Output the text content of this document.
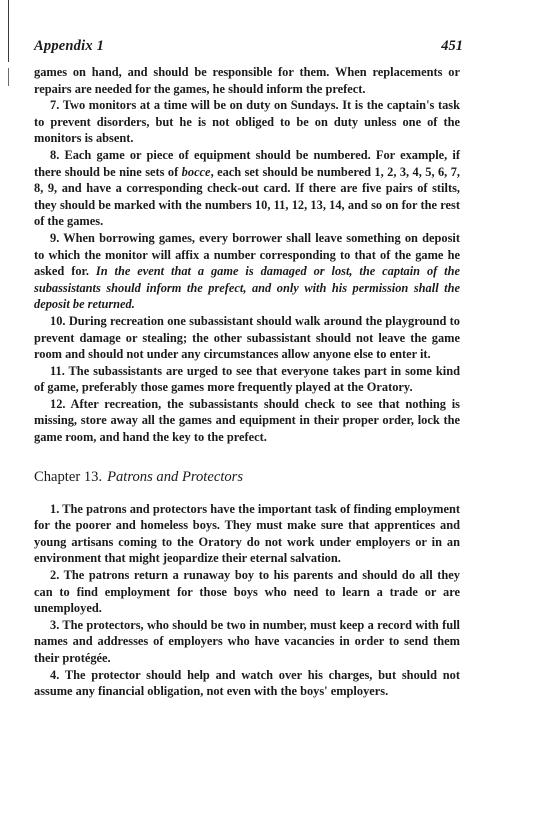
Appendix 1	451

games on hand, and should be responsible for them. When replacements or repairs are needed for the games, he should inform the prefect.

7. Two monitors at a time will be on duty on Sundays. It is the captain's task to prevent disorders, but he is not obliged to be on duty unless one of the monitors is absent.

8. Each game or piece of equipment should be numbered. For example, if there should be nine sets of bocce, each set should be numbered 1, 2, 3, 4, 5, 6, 7, 8, 9, and have a corresponding check-out card. If there are five pairs of stilts, they should be marked with the numbers 10, 11, 12, 13, 14, and so on for the rest of the games.

9. When borrowing games, every borrower shall leave something on deposit to which the monitor will affix a number corresponding to that of the game he asked for. In the event that a game is damaged or lost, the captain of the subassistants should inform the prefect, and only with his permission shall the deposit be returned.

10. During recreation one subassistant should walk around the playground to prevent damage or stealing; the other subassistant should not leave the game room and should not under any circumstances allow anyone else to enter it.

11. The subassistants are urged to see that everyone takes part in some kind of game, preferably those games more frequently played at the Oratory.

12. After recreation, the subassistants should check to see that nothing is missing, store away all the games and equipment in their proper order, lock the game room, and hand the key to the prefect.

Chapter 13. Patrons and Protectors

1. The patrons and protectors have the important task of finding employment for the poorer and homeless boys. They must make sure that apprentices and young artisans coming to the Oratory do not work under employers or in an environment that might jeopardize their eternal salvation.

2. The patrons return a runaway boy to his parents and should do all they can to find employment for those boys who need to learn a trade or are unemployed.

3. The protectors, who should be two in number, must keep a record with full names and addresses of employers who have vacancies in order to send them their protégée.

4. The protector should help and watch over his charges, but should not assume any financial obligation, not even with the boys' employers.
